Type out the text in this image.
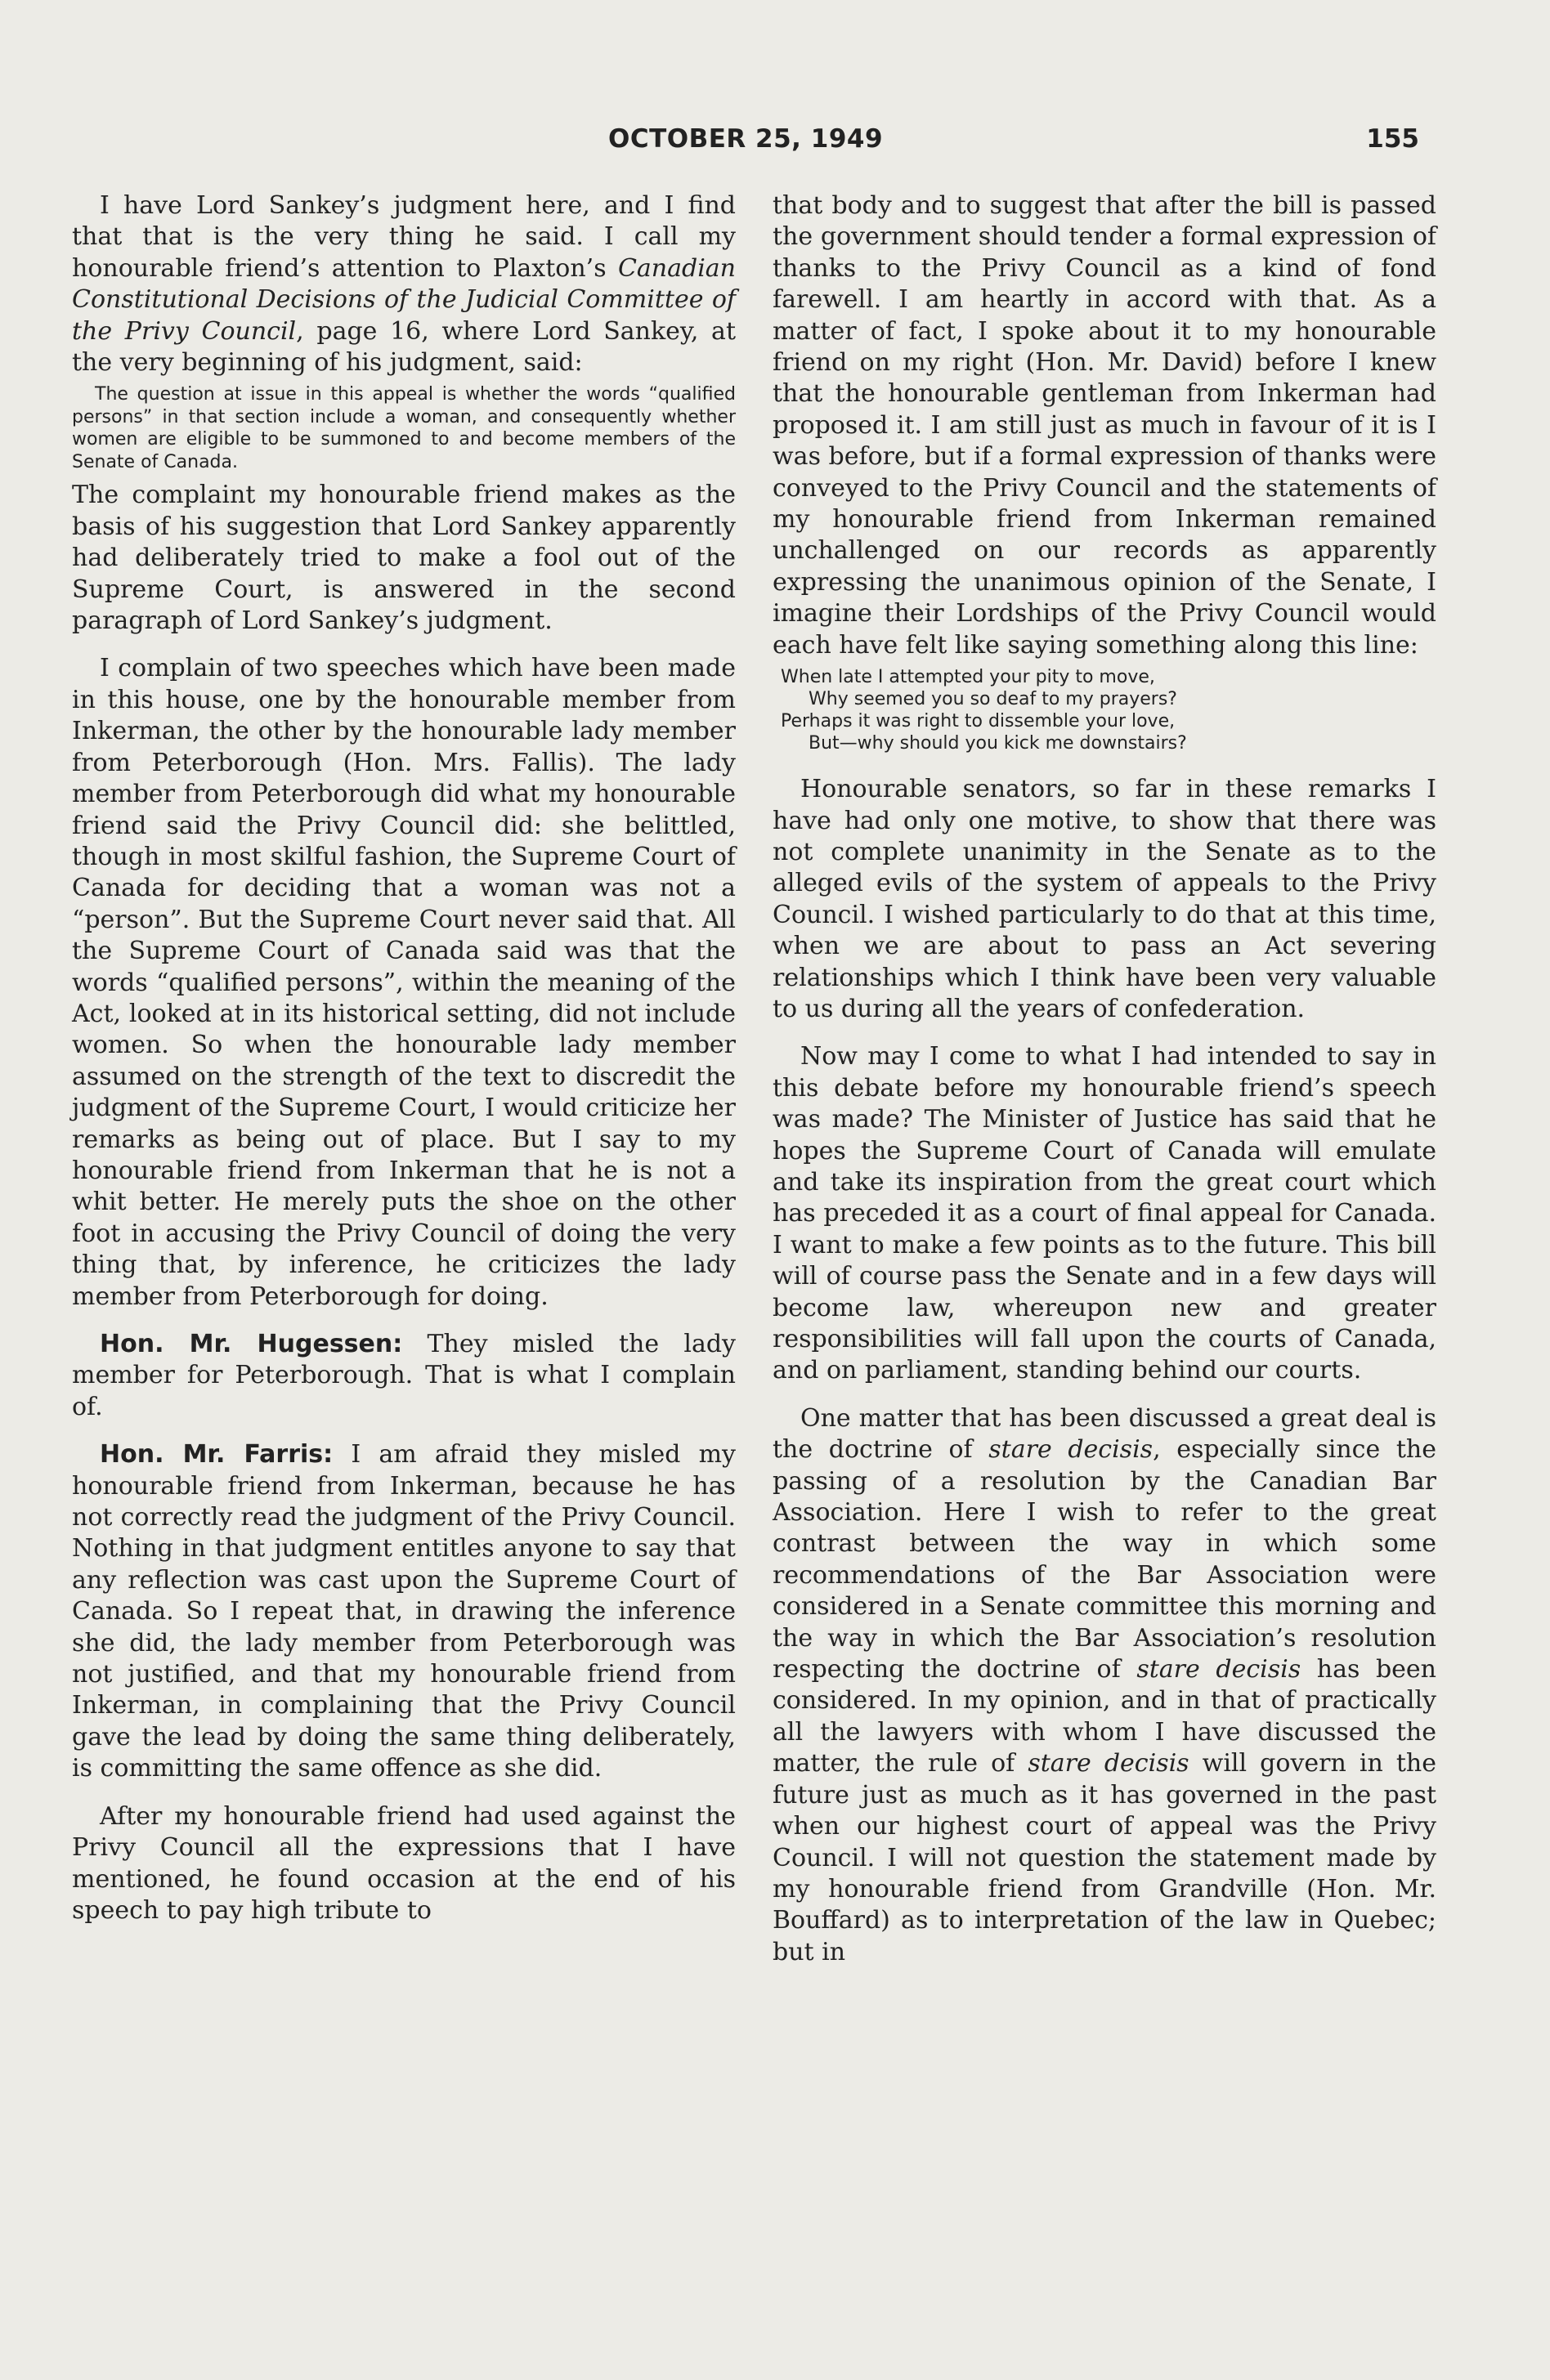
OCTOBER 25, 1949	155

I have Lord Sankey’s judgment here, and I find that that is the very thing he said. I call my honourable friend’s attention to Plaxton’s Canadian Constitutional Decisions of the Judicial Committee of the Privy Council, page 16, where Lord Sankey, at the very beginning of his judgment, said:

The question at issue in this appeal is whether the words “qualified persons” in that section include a woman, and consequently whether women are eligible to be summoned to and become members of the Senate of Canada.

The complaint my honourable friend makes as the basis of his suggestion that Lord Sankey apparently had deliberately tried to make a fool out of the Supreme Court, is answered in the second paragraph of Lord Sankey’s judgment.

I complain of two speeches which have been made in this house, one by the honourable member from Inkerman, the other by the honourable lady member from Peterborough (Hon. Mrs. Fallis). The lady member from Peterborough did what my honourable friend said the Privy Council did: she belittled, though in most skilful fashion, the Supreme Court of Canada for deciding that a woman was not a “person”. But the Supreme Court never said that. All the Supreme Court of Canada said was that the words “qualified persons”, within the meaning of the Act, looked at in its historical setting, did not include women. So when the honourable lady member assumed on the strength of the text to discredit the judgment of the Supreme Court, I would criticize her remarks as being out of place. But I say to my honourable friend from Inkerman that he is not a whit better. He merely puts the shoe on the other foot in accusing the Privy Council of doing the very thing that, by inference, he criticizes the lady member from Peterborough for doing.

Hon. Mr. Hugessen: They misled the lady member for Peterborough. That is what I complain of.

Hon. Mr. Farris: I am afraid they misled my honourable friend from Inkerman, because he has not correctly read the judgment of the Privy Council. Nothing in that judgment entitles anyone to say that any reflection was cast upon the Supreme Court of Canada. So I repeat that, in drawing the inference she did, the lady member from Peterborough was not justified, and that my honourable friend from Inkerman, in complaining that the Privy Council gave the lead by doing the same thing deliberately, is committing the same offence as she did.

After my honourable friend had used against the Privy Council all the expressions that I have mentioned, he found occasion at the end of his speech to pay high tribute to

that body and to suggest that after the bill is passed the government should tender a formal expression of thanks to the Privy Council as a kind of fond farewell. I am heartly in accord with that. As a matter of fact, I spoke about it to my honourable friend on my right (Hon. Mr. David) before I knew that the honourable gentleman from Inkerman had proposed it. I am still just as much in favour of it is I was before, but if a formal expression of thanks were conveyed to the Privy Council and the statements of my honourable friend from Inkerman remained unchallenged on our records as apparently expressing the unanimous opinion of the Senate, I imagine their Lordships of the Privy Council would each have felt like saying something along this line:

When late I attempted your pity to move,
Why seemed you so deaf to my prayers?
Perhaps it was right to dissemble your love,
But—why should you kick me downstairs?

Honourable senators, so far in these remarks I have had only one motive, to show that there was not complete unanimity in the Senate as to the alleged evils of the system of appeals to the Privy Council. I wished particularly to do that at this time, when we are about to pass an Act severing relationships which I think have been very valuable to us during all the years of confederation.

Now may I come to what I had intended to say in this debate before my honourable friend’s speech was made? The Minister of Justice has said that he hopes the Supreme Court of Canada will emulate and take its inspiration from the great court which has preceded it as a court of final appeal for Canada. I want to make a few points as to the future. This bill will of course pass the Senate and in a few days will become law, whereupon new and greater responsibilities will fall upon the courts of Canada, and on parliament, standing behind our courts.

One matter that has been discussed a great deal is the doctrine of stare decisis, especially since the passing of a resolution by the Canadian Bar Association. Here I wish to refer to the great contrast between the way in which some recommendations of the Bar Association were considered in a Senate committee this morning and the way in which the Bar Association’s resolution respecting the doctrine of stare decisis has been considered. In my opinion, and in that of practically all the lawyers with whom I have discussed the matter, the rule of stare decisis will govern in the future just as much as it has governed in the past when our highest court of appeal was the Privy Council. I will not question the statement made by my honourable friend from Grandville (Hon. Mr. Bouffard) as to interpretation of the law in Quebec; but in
